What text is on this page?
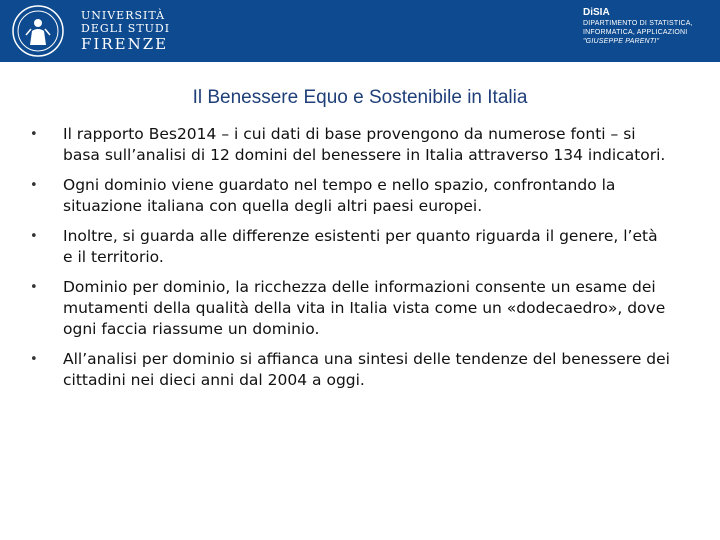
UNIVERSITÀ
DEGLI STUDI
FIRENZE
DiSIA
DIPARTIMENTO DI STATISTICA,
INFORMATICA, APPLICAZIONI
"GIUSEPPE PARENTI"
Il Benessere Equo e Sostenibile in Italia
• Il rapporto Bes2014 – i cui dati di base provengono da numerose fonti – si basa sull’analisi di 12 domini del benessere in Italia attraverso 134 indicatori.
• Ogni dominio viene guardato nel tempo e nello spazio, confrontando la situazione italiana con quella degli altri paesi europei.
• Inoltre, si guarda alle differenze esistenti per quanto riguarda il genere, l’età e il territorio.
• Dominio per dominio, la ricchezza delle informazioni consente un esame dei mutamenti della qualità della vita in Italia vista come un «dodecaedro», dove ogni faccia riassume un dominio.
• All’analisi per dominio si affianca una sintesi delle tendenze del benessere dei cittadini nei dieci anni dal 2004 a oggi.
